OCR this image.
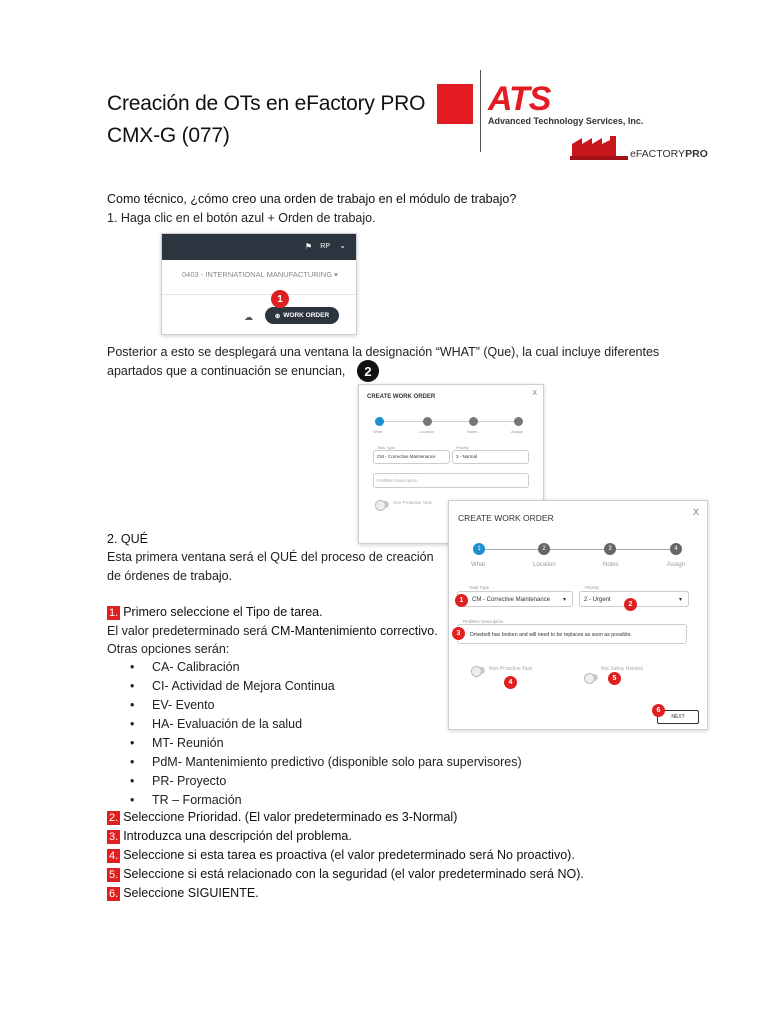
Creación de OTs en eFactory PRO
CMX-G (077)
ATS
Advanced Technology Services, Inc.
eFACTORYPRO
Como técnico, ¿cómo creo una orden de trabajo en el módulo de trabajo?
1. Haga clic en el botón azul + Orden de trabajo.
⚑ RP ⌄
0403 - INTERNATIONAL MANUFACTURING ▾
☁	⊕ WORK ORDER
1
Posterior a esto se desplegará una ventana la designación “WHAT” (Que), la cual incluye diferentes
apartados que a continuación se enuncian,	2
CREATE WORK ORDER	X
What	Location	Notes	Assign
Task Type
CM - Corrective Maintenance
Priority
3 - Normal
Problem Description
Non-Proactive Task
2. QUÉ
Esta primera ventana será el QUÉ del proceso de creación
de órdenes de trabajo.
1. Primero seleccione el Tipo de tarea.
El valor predeterminado será CM-Mantenimiento correctivo.
Otras opciones serán:
• CA- Calibración
• CI- Actividad de Mejora Continua
• EV- Evento
• HA- Evaluación de la salud
• MT- Reunión
• PdM- Mantenimiento predictivo (disponible solo para supervisores)
• PR- Proyecto
• TR – Formación
2. Seleccione Prioridad. (El valor predeterminado es 3-Normal)
3. Introduzca una descripción del problema.
4. Seleccione si esta tarea es proactiva (el valor predeterminado será No proactivo).
5. Seleccione si está relacionado con la seguridad (el valor predeterminado será NO).
6. Seleccione SIGUIENTE.
CREATE WORK ORDER
X
1	2	3	4
What	Location	Notes	Assign
Task Type
CM - Corrective Maintenance ▾
Priority
2 - Urgent	▾
Problem Description
Drivebelt has broken and will need to be replaces as soon as possible.
Non-Proactive Task	Not Safety Related
NEXT
1
2
3
4
5
6
